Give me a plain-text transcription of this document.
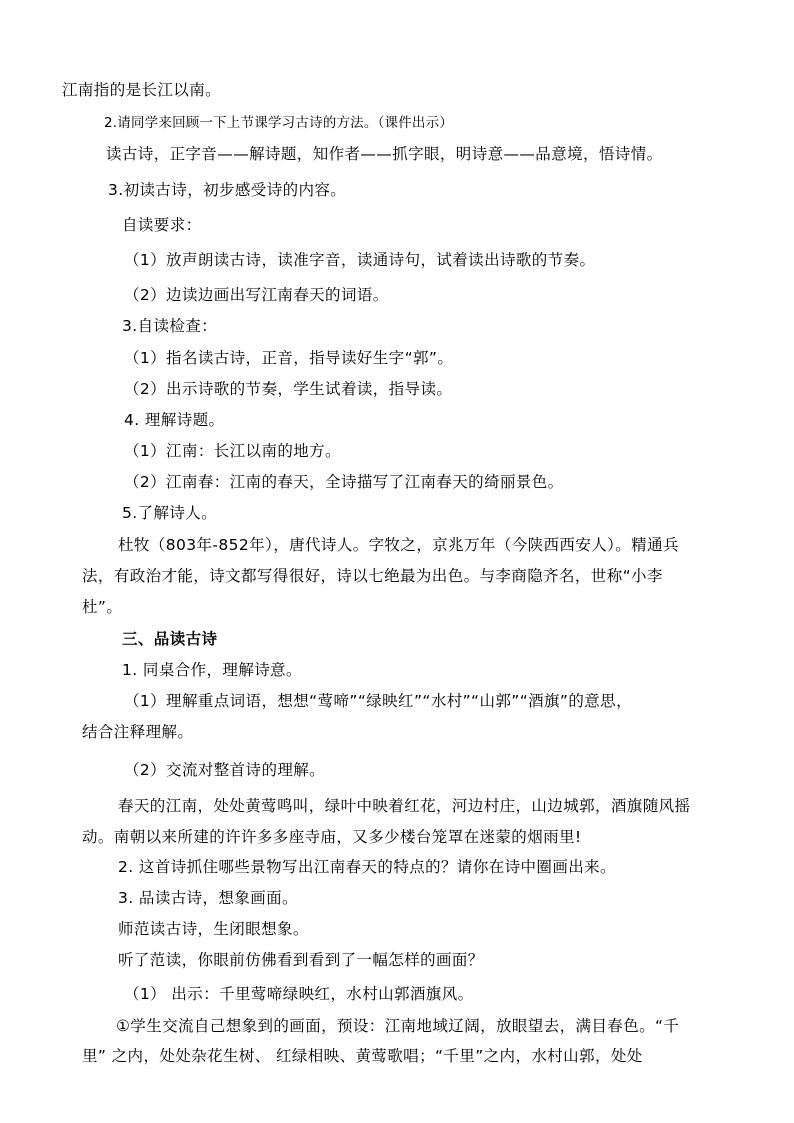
江南指的是长江以南。
2.请同学来回顾一下上节课学习古诗的方法。（课件出示）
读古诗，正字音——解诗题，知作者——抓字眼，明诗意——品意境，悟诗情。
3.初读古诗，初步感受诗的内容。
自读要求：
（1）放声朗读古诗，读准字音，读通诗句，试着读出诗歌的节奏。
（2）边读边画出写江南春天的词语。
3.自读检查：
（1）指名读古诗，正音，指导读好生字“郭”。
（2）出示诗歌的节奏，学生试着读，指导读。
4. 理解诗题。
（1）江南：长江以南的地方。
（2）江南春：江南的春天，全诗描写了江南春天的绮丽景色。
5.了解诗人。
杜牧（803年-852年），唐代诗人。字牧之，京兆万年（今陕西西安人）。精通兵
法，有政治才能，诗文都写得很好，诗以七绝最为出色。与李商隐齐名，世称“小李
杜”。
三、品读古诗
1. 同桌合作，理解诗意。
（1）理解重点词语，想想“莺啼”“绿映红”“水村”“山郭”“酒旗”的意思，
结合注释理解。
（2）交流对整首诗的理解。
春天的江南，处处黄莺鸣叫，绿叶中映着红花，河边村庄，山边城郭，酒旗随风摇
动。南朝以来所建的许许多多座寺庙，又多少楼台笼罩在迷蒙的烟雨里!
2. 这首诗抓住哪些景物写出江南春天的特点的？请你在诗中圈画出来。
3. 品读古诗，想象画面。
师范读古诗，生闭眼想象。
听了范读，你眼前仿佛看到看到了一幅怎样的画面？
（1） 出示：千里莺啼绿映红，水村山郭酒旗风。
①学生交流自己想象到的画面，预设：江南地域辽阔，放眼望去，满目春色。“千
里” 之内，处处杂花生树、 红绿相映、黄莺歌唱；“千里”之内，水村山郭，处处
